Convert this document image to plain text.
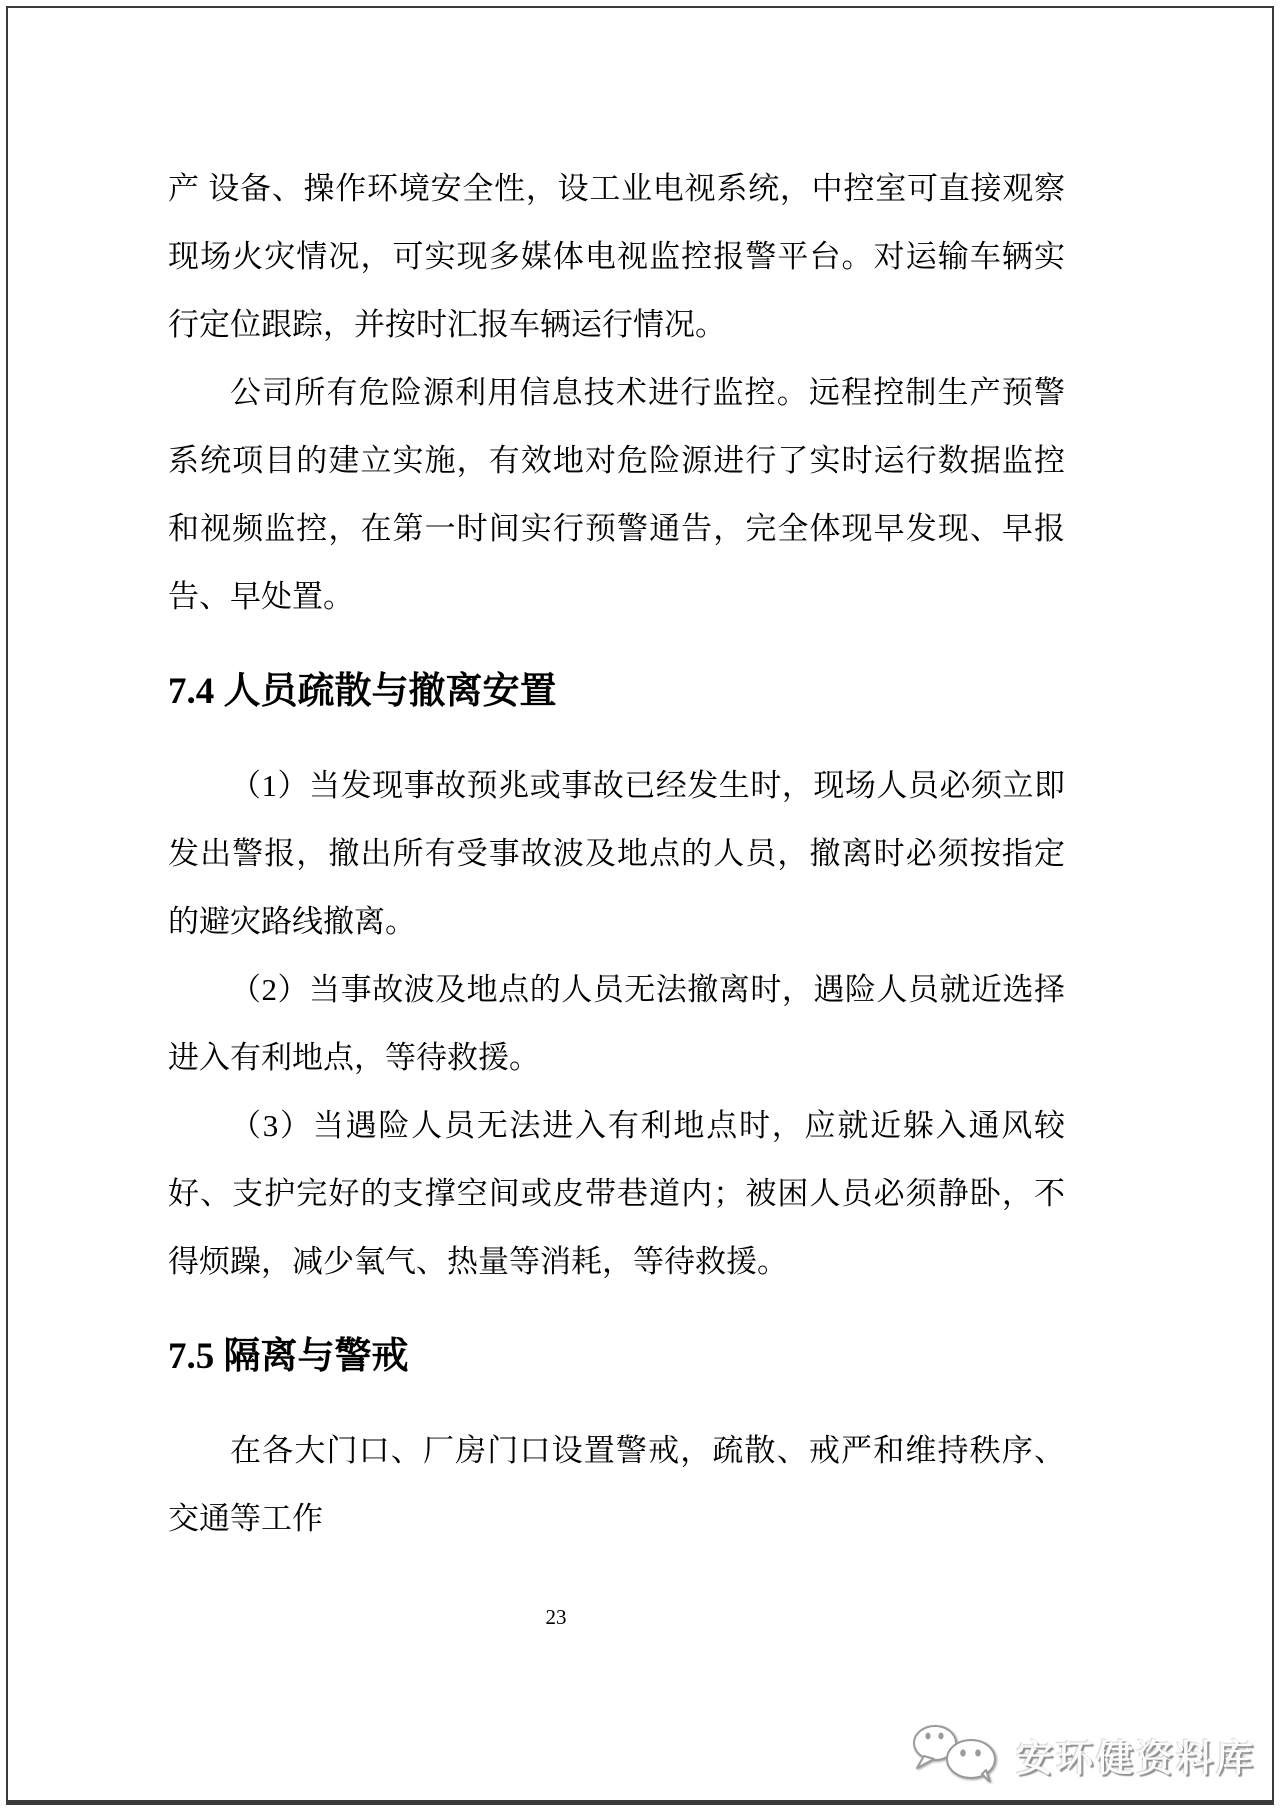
产 设备、操作环境安全性，设工业电视系统，中控室可直接观察现场火灾情况，可实现多媒体电视监控报警平台。对运输车辆实行定位跟踪，并按时汇报车辆运行情况。

公司所有危险源利用信息技术进行监控。远程控制生产预警系统项目的建立实施，有效地对危险源进行了实时运行数据监控和视频监控，在第一时间实行预警通告，完全体现早发现、早报告、早处置。

7.4 人员疏散与撤离安置

（1）当发现事故预兆或事故已经发生时，现场人员必须立即发出警报，撤出所有受事故波及地点的人员，撤离时必须按指定的避灾路线撤离。

（2）当事故波及地点的人员无法撤离时，遇险人员就近选择进入有利地点，等待救援。

（3）当遇险人员无法进入有利地点时，应就近躲入通风较好、支护完好的支撑空间或皮带巷道内；被困人员必须静卧，不得烦躁，减少氧气、热量等消耗，等待救援。

7.5 隔离与警戒

在各大门口、厂房门口设置警戒，疏散、戒严和维持秩序、交通等工作

23
安环健资料库
